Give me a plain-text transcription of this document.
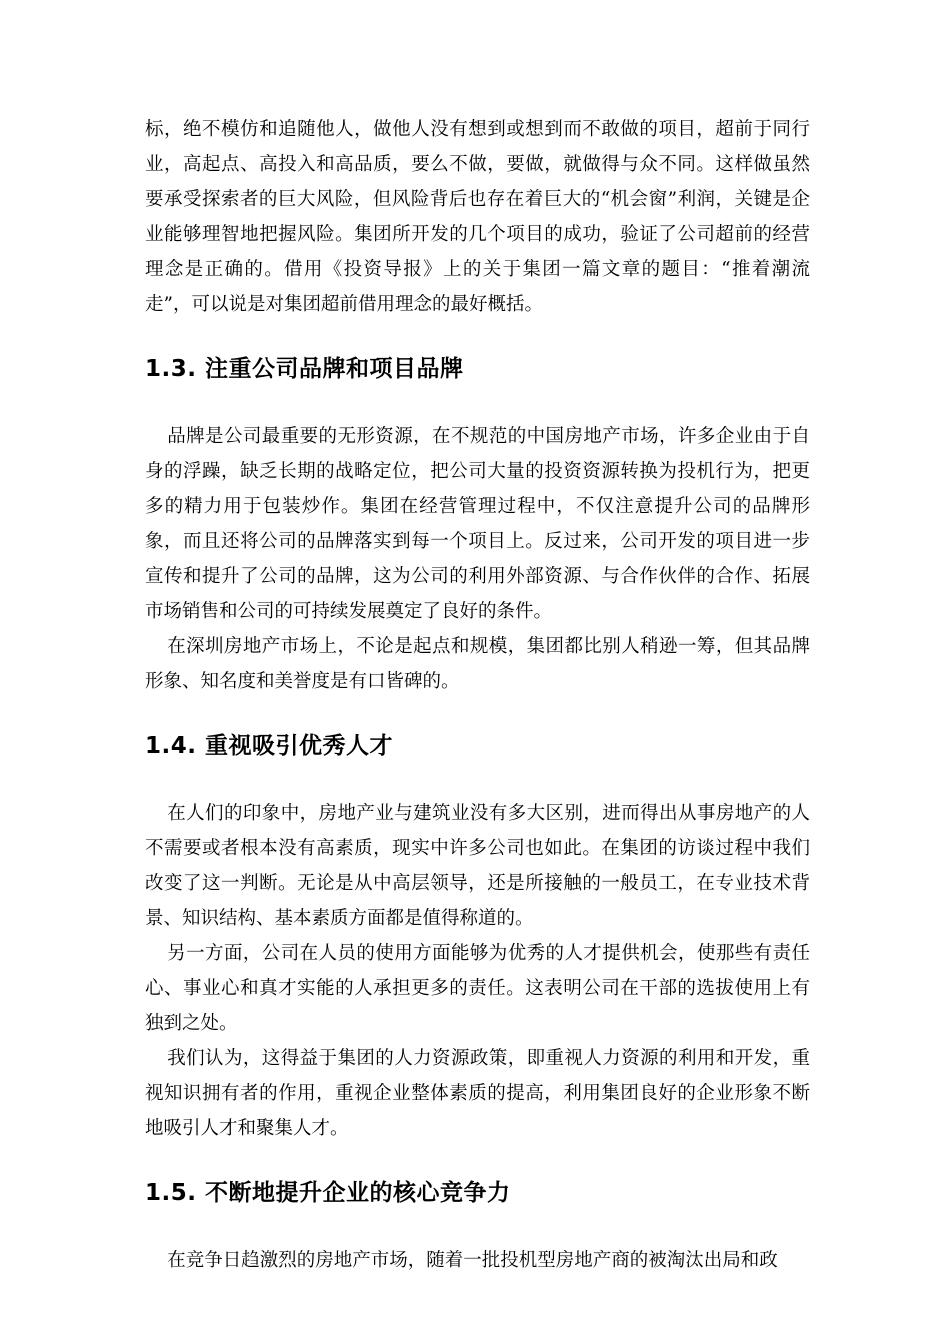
标，绝不模仿和追随他人，做他人没有想到或想到而不敢做的项目，超前于同行业，高起点、高投入和高品质，要么不做，要做，就做得与众不同。这样做虽然要承受探索者的巨大风险，但风险背后也存在着巨大的“机会窗”利润，关键是企业能够理智地把握风险。集团所开发的几个项目的成功，验证了公司超前的经营理念是正确的。借用《投资导报》上的关于集团一篇文章的题目：“推着潮流走”，可以说是对集团超前借用理念的最好概括。

1.3. 注重公司品牌和项目品牌

品牌是公司最重要的无形资源，在不规范的中国房地产市场，许多企业由于自身的浮躁，缺乏长期的战略定位，把公司大量的投资资源转换为投机行为，把更多的精力用于包装炒作。集团在经营管理过程中，不仅注意提升公司的品牌形象，而且还将公司的品牌落实到每一个项目上。反过来，公司开发的项目进一步宣传和提升了公司的品牌，这为公司的利用外部资源、与合作伙伴的合作、拓展市场销售和公司的可持续发展奠定了良好的条件。

在深圳房地产市场上，不论是起点和规模，集团都比别人稍逊一筹，但其品牌形象、知名度和美誉度是有口皆碑的。

1.4. 重视吸引优秀人才

在人们的印象中，房地产业与建筑业没有多大区别，进而得出从事房地产的人不需要或者根本没有高素质，现实中许多公司也如此。在集团的访谈过程中我们改变了这一判断。无论是从中高层领导，还是所接触的一般员工，在专业技术背景、知识结构、基本素质方面都是值得称道的。

另一方面，公司在人员的使用方面能够为优秀的人才提供机会，使那些有责任心、事业心和真才实能的人承担更多的责任。这表明公司在干部的选拔使用上有独到之处。

我们认为，这得益于集团的人力资源政策，即重视人力资源的利用和开发，重视知识拥有者的作用，重视企业整体素质的提高，利用集团良好的企业形象不断地吸引人才和聚集人才。

1.5. 不断地提升企业的核心竞争力

在竞争日趋激烈的房地产市场，随着一批投机型房地产商的被淘汰出局和政
